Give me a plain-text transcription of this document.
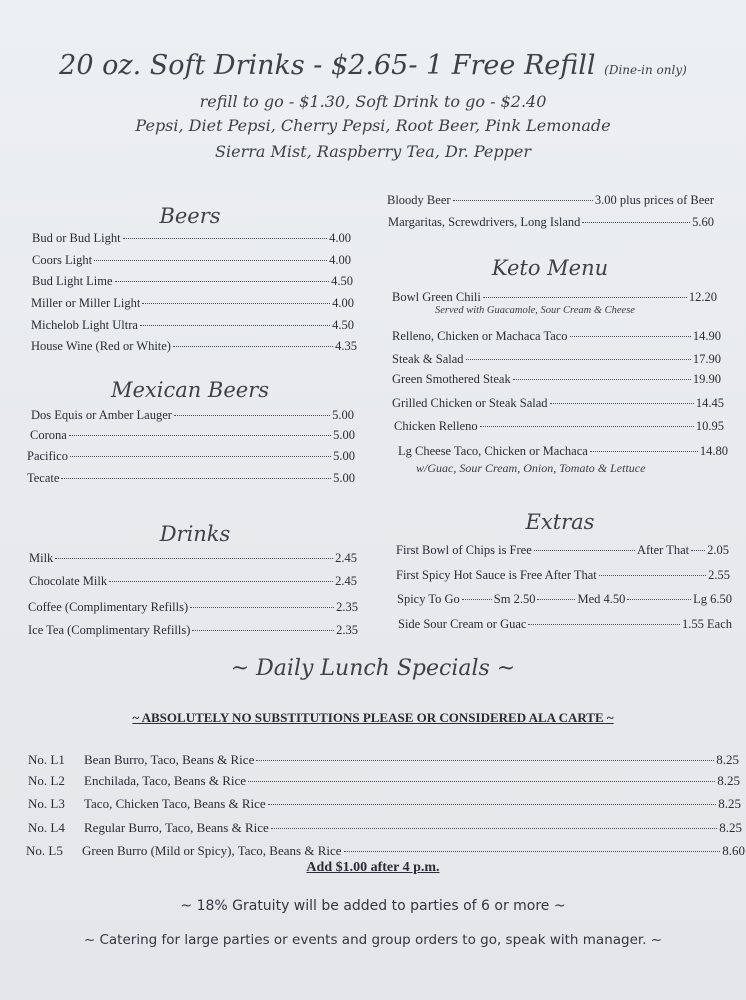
20 oz. Soft Drinks - $2.65- 1 Free Refill (Dine-in only)
refill to go - $1.30, Soft Drink to go - $2.40
Pepsi, Diet Pepsi, Cherry Pepsi, Root Beer, Pink Lemonade
Sierra Mist, Raspberry Tea, Dr. Pepper
Beers
Bud or Bud Light	4.00
Coors Light	4.00
Bud Light Lime	4.50
Miller or Miller Light	4.00
Michelob Light Ultra	4.50
House Wine (Red or White)	4.35
Mexican Beers
Dos Equis or Amber Lauger	5.00
Corona	5.00
Pacifico	5.00
Tecate	5.00
Drinks
Milk	2.45
Chocolate Milk	2.45
Coffee (Complimentary Refills)	2.35
Ice Tea (Complimentary Refills)	2.35
Bloody Beer	3.00 plus prices of Beer
Margaritas, Screwdrivers, Long Island	5.60
Keto Menu
Bowl Green Chili	12.20
Served with Guacamole, Sour Cream & Cheese
Relleno, Chicken or Machaca Taco	14.90
Steak & Salad	17.90
Green Smothered Steak	19.90
Grilled Chicken or Steak Salad	14.45
Chicken Relleno	10.95
Lg Cheese Taco, Chicken or Machaca	14.80
w/Guac, Sour Cream, Onion, Tomato & Lettuce
Extras
First Bowl of Chips is Free	After That 2.05
First Spicy Hot Sauce is Free After That	2.55
Spicy To Go	Sm 2.50	Med 4.50	Lg 6.50
Side Sour Cream or Guac	1.55 Each
~ Daily Lunch Specials ~
~ ABSOLUTELY NO SUBSTITUTIONS PLEASE OR CONSIDERED ALA CARTE ~
No. L1	Bean Burro, Taco, Beans & Rice	8.25
No. L2	Enchilada, Taco, Beans & Rice	8.25
No. L3	Taco, Chicken Taco, Beans & Rice	8.25
No. L4	Regular Burro, Taco, Beans & Rice	8.25
No. L5	Green Burro (Mild or Spicy), Taco, Beans & Rice	8.60
Add $1.00 after 4 p.m.
~ 18% Gratuity will be added to parties of 6 or more ~
~ Catering for large parties or events and group orders to go, speak with manager. ~
